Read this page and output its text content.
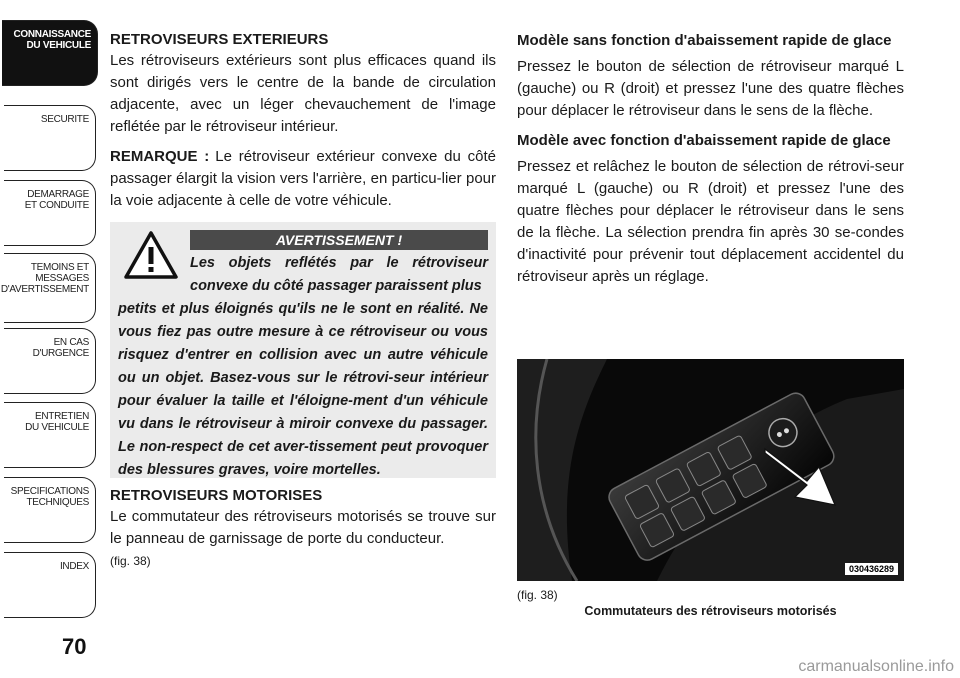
CONNAISSANCE
DU VEHICULE
SECURITE
DEMARRAGE
ET CONDUITE
TEMOINS ET
MESSAGES
D'AVERTISSEMENT
EN CAS
D'URGENCE
ENTRETIEN
DU VEHICULE
SPECIFICATIONS
TECHNIQUES
INDEX
70
RETROVISEURS EXTERIEURS

Les rétroviseurs extérieurs sont plus efficaces quand ils sont dirigés vers le centre de la bande de circulation adjacente, avec un léger chevauchement de l'image reflétée par le rétroviseur intérieur.

REMARQUE : Le rétroviseur extérieur convexe du côté passager élargit la vision vers l'arrière, en particu-lier pour la voie adjacente à celle de votre véhicule.

AVERTISSEMENT !
Les objets reflétés par le rétroviseur convexe du côté passager paraissent plus
petits et plus éloignés qu'ils ne le sont en réalité. Ne vous fiez pas outre mesure à ce rétroviseur ou vous risquez d'entrer en collision avec un autre véhicule ou un objet. Basez-vous sur le rétrovi-seur intérieur pour évaluer la taille et l'éloigne-ment d'un véhicule vu dans le rétroviseur à miroir convexe du passager. Le non-respect de cet aver-tissement peut provoquer des blessures graves, voire mortelles.
RETROVISEURS MOTORISES

Le commutateur des rétroviseurs motorisés se trouve sur le panneau de garnissage de porte du conducteur.
(fig. 38)

Modèle sans fonction d'abaissement rapide de glace

Pressez le bouton de sélection de rétroviseur marqué L (gauche) ou R (droit) et pressez l'une des quatre flèches pour déplacer le rétroviseur dans le sens de la flèche.

Modèle avec fonction d'abaissement rapide de glace

Pressez et relâchez le bouton de sélection de rétrovi-seur marqué L (gauche) ou R (droit) et pressez l'une des quatre flèches pour déplacer le rétroviseur dans le sens de la flèche. La sélection prendra fin après 30 se-condes d'inactivité pour prévenir tout déplacement accidentel du rétroviseur après un réglage.

030436289
(fig. 38)
Commutateurs des rétroviseurs motorisés
carmanualsonline.info
